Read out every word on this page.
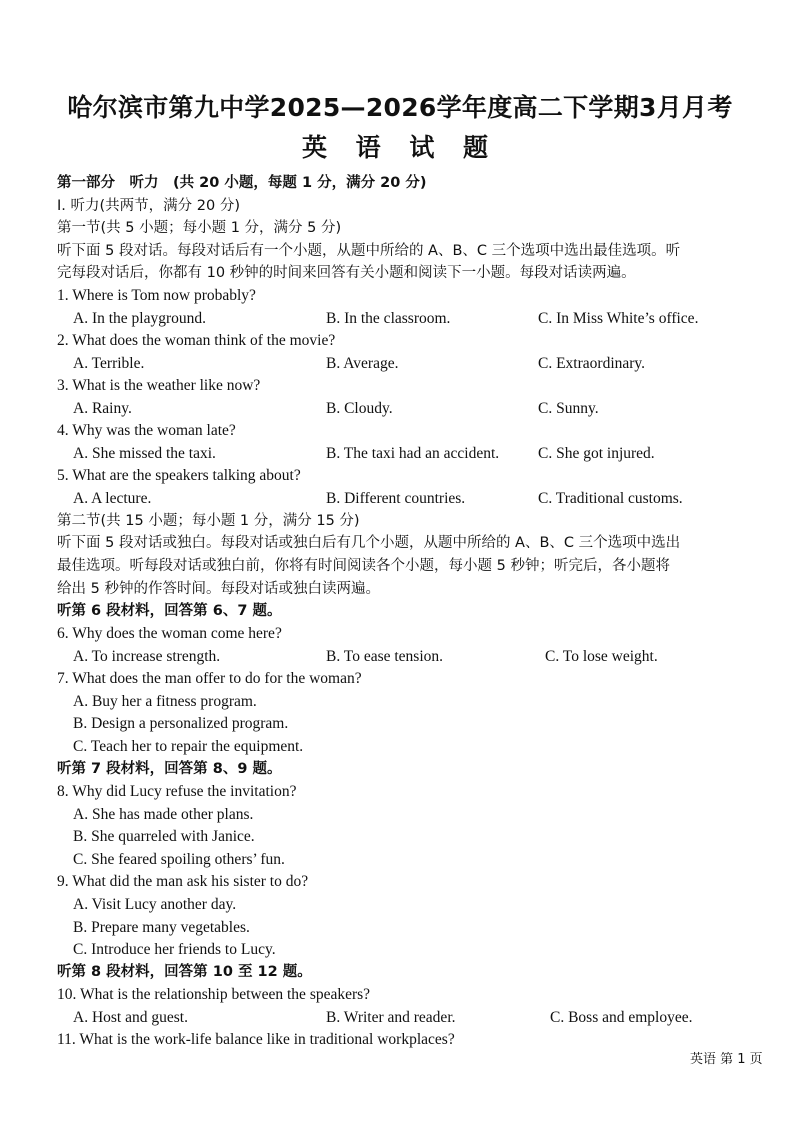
哈尔滨市第九中学2025—2026学年度高二下学期3月月考
英 语 试 题
第一部分　听力　(共 20 小题，每题 1 分，满分 20 分)
I. 听力(共两节，满分 20 分)
第一节(共 5 小题；每小题 1 分，满分 5 分)
听下面 5 段对话。每段对话后有一个小题，从题中所给的 A、B、C 三个选项中选出最佳选项。听
完每段对话后，你都有 10 秒钟的时间来回答有关小题和阅读下一小题。每段对话读两遍。
1. Where is Tom now probably?
A. In the playground.	B. In the classroom.	C. In Miss White’s office.
2. What does the woman think of the movie?
A. Terrible.	B. Average.	C. Extraordinary.
3. What is the weather like now?
A. Rainy.	B. Cloudy.	C. Sunny.
4. Why was the woman late?
A. She missed the taxi.	B. The taxi had an accident.	C. She got injured.
5. What are the speakers talking about?
A. A lecture.	B. Different countries.	C. Traditional customs.
第二节(共 15 小题；每小题 1 分，满分 15 分)
听下面 5 段对话或独白。每段对话或独白后有几个小题，从题中所给的 A、B、C 三个选项中选出
最佳选项。听每段对话或独白前，你将有时间阅读各个小题，每小题 5 秒钟；听完后，各小题将
给出 5 秒钟的作答时间。每段对话或独白读两遍。
听第 6 段材料，回答第 6、7 题。
6. Why does the woman come here?
A. To increase strength.	B. To ease tension.	C. To lose weight.
7. What does the man offer to do for the woman?
A. Buy her a fitness program.
B. Design a personalized program.
C. Teach her to repair the equipment.
听第 7 段材料，回答第 8、9 题。
8. Why did Lucy refuse the invitation?
A. She has made other plans.
B. She quarreled with Janice.
C. She feared spoiling others’ fun.
9. What did the man ask his sister to do?
A. Visit Lucy another day.
B. Prepare many vegetables.
C. Introduce her friends to Lucy.
听第 8 段材料，回答第 10 至 12 题。
10. What is the relationship between the speakers?
A. Host and guest.	B. Writer and reader.	C. Boss and employee.
11. What is the work-life balance like in traditional workplaces?
英语 第 1 页
